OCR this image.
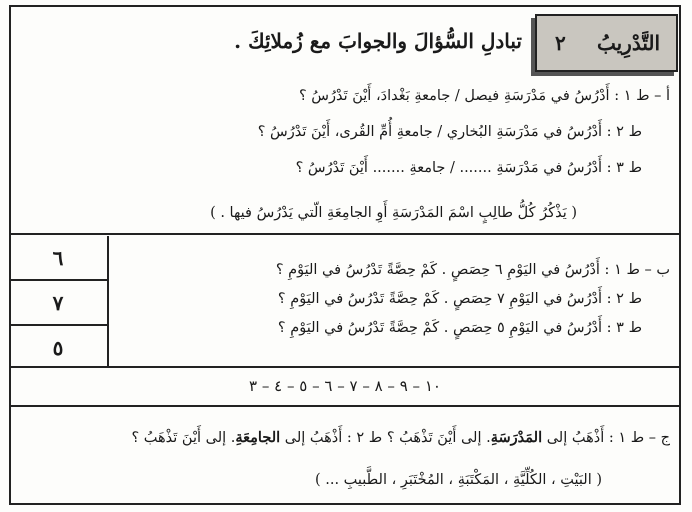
التَّدْرِيبُ
٢
تبادلِ السُّؤالَ والجوابَ مع زُملائِكَ .
أ – ط ١ : أَدْرُسُ في مَدْرَسَةِ فيصل / جامعةِ بَغْدادَ، أَيْنَ تَدْرُسُ ؟
ط ٢ : أَدْرُسُ في مَدْرَسَةِ البُخاري / جامعةِ أُمِّ القُرى، أَيْنَ تَدْرُسُ ؟
ط ٣ : أَدْرُسُ في مَدْرَسَةِ ....... / جامعةِ ....... أَيْنَ تَدْرُسُ ؟
( يَذْكُرُ كُلُّ طالِبٍ اسْمَ المَدْرَسَةِ أَوِ الجامِعَةِ الّتي يَدْرُسُ فيها . )
٦
٧
٥
ب – ط ١ : أَدْرُسُ في اليَوْمِ ٦ حِصَصٍ . كَمْ حِصَّةً تَدْرُسُ في اليَوْمِ ؟
ط ٢ : أَدْرُسُ في اليَوْمِ ٧ حِصَصٍ . كَمْ حِصَّةً تَدْرُسُ في اليَوْمِ ؟
ط ٣ : أَدْرُسُ في اليَوْمِ ٥ حِصَصٍ . كَمْ حِصَّةً تَدْرُسُ في اليَوْمِ ؟
١٠ – ٩ – ٨ – ٧ – ٦ – ٥ – ٤ – ٣
ج – ط ١ : أَذْهَبُ إلى المَدْرَسَةِ. إلى أَيْنَ تَذْهَبُ ؟ ط ٢ : أَذْهَبُ إلى الجامِعَةِ. إلى أَيْنَ تَذْهَبُ ؟
( البَيْتِ ، الكُلِّيَّةِ ، المَكْتَبَةِ ، المُخْتَبَرِ ، الطَّبيبِ ... )
